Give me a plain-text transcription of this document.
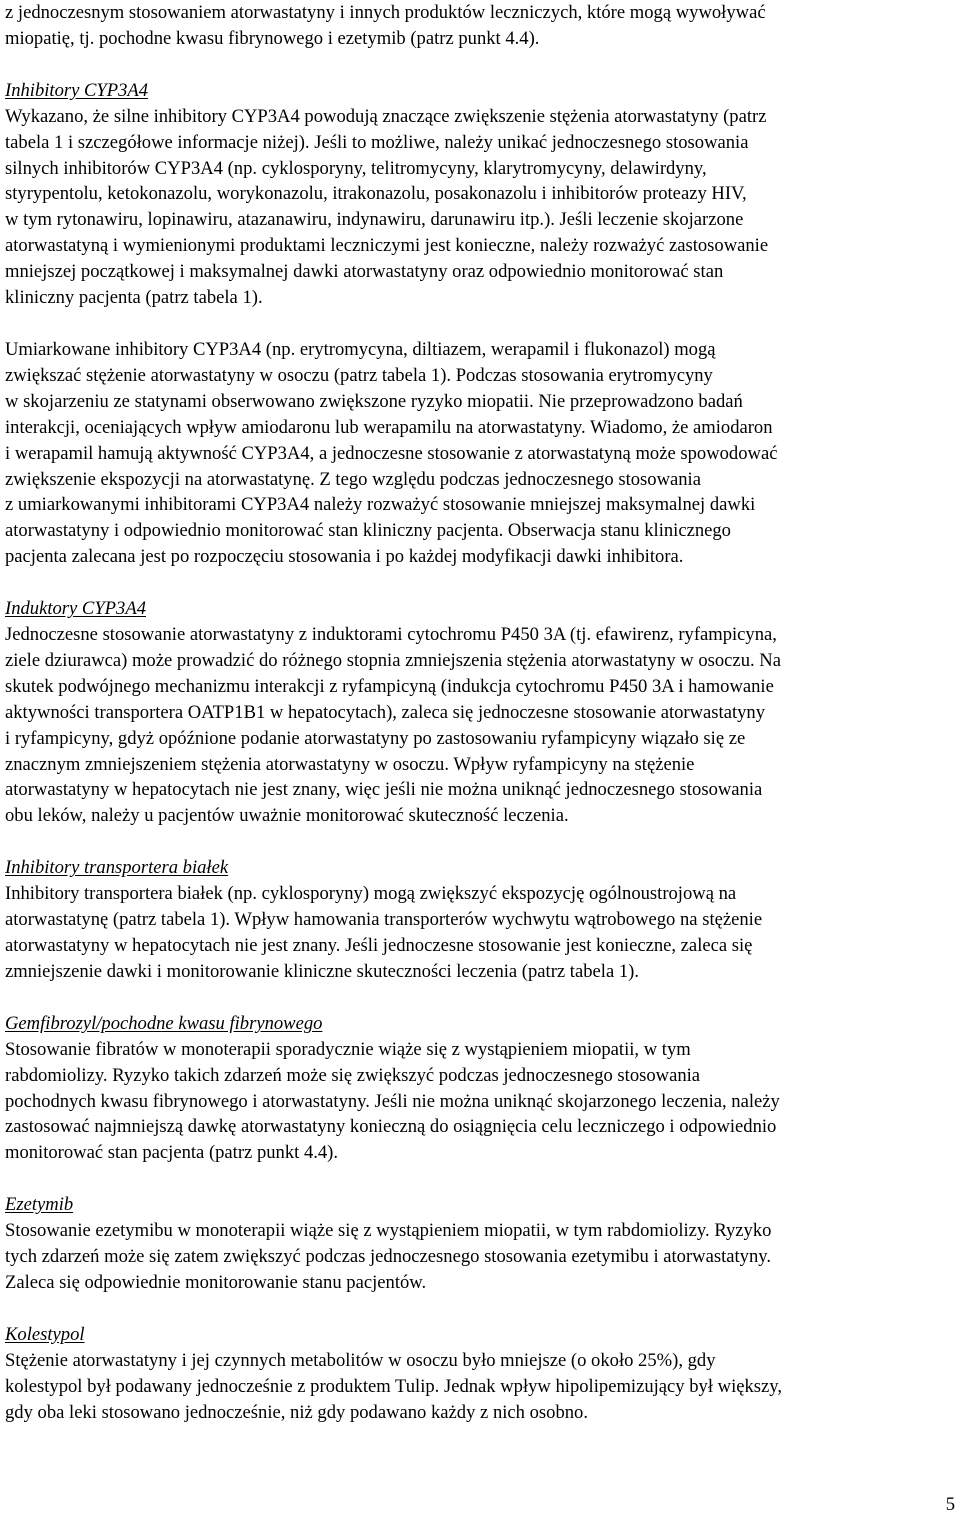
z jednoczesnym stosowaniem atorwastatyny i innych produktów leczniczych, które mogą wywoływać
miopatię, tj. pochodne kwasu fibrynowego i ezetymib (patrz punkt 4.4).

Inhibitory CYP3A4

Wykazano, że silne inhibitory CYP3A4 powodują znaczące zwiększenie stężenia atorwastatyny (patrz
tabela 1 i szczegółowe informacje niżej). Jeśli to możliwe, należy unikać jednoczesnego stosowania
silnych inhibitorów CYP3A4 (np. cyklosporyny, telitromycyny, klarytromycyny, delawirdyny,
styrypentolu, ketokonazolu, worykonazolu, itrakonazolu, posakonazolu i inhibitorów proteazy HIV,
w tym rytonawiru, lopinawiru, atazanawiru, indynawiru, darunawiru itp.). Jeśli leczenie skojarzone
atorwastatyną i wymienionymi produktami leczniczymi jest konieczne, należy rozważyć zastosowanie
mniejszej początkowej i maksymalnej dawki atorwastatyny oraz odpowiednio monitorować stan
kliniczny pacjenta (patrz tabela 1).

Umiarkowane inhibitory CYP3A4 (np. erytromycyna, diltiazem, werapamil i flukonazol) mogą
zwiększać stężenie atorwastatyny w osoczu (patrz tabela 1). Podczas stosowania erytromycyny
w skojarzeniu ze statynami obserwowano zwiększone ryzyko miopatii. Nie przeprowadzono badań
interakcji, oceniających wpływ amiodaronu lub werapamilu na atorwastatyny. Wiadomo, że amiodaron
i werapamil hamują aktywność CYP3A4, a jednoczesne stosowanie z atorwastatyną może spowodować
zwiększenie ekspozycji na atorwastatynę. Z tego względu podczas jednoczesnego stosowania
z umiarkowanymi inhibitorami CYP3A4 należy rozważyć stosowanie mniejszej maksymalnej dawki
atorwastatyny i odpowiednio monitorować stan kliniczny pacjenta. Obserwacja stanu klinicznego
pacjenta zalecana jest po rozpoczęciu stosowania i po każdej modyfikacji dawki inhibitora.

Induktory CYP3A4

Jednoczesne stosowanie atorwastatyny z induktorami cytochromu P450 3A (tj. efawirenz, ryfampicyna,
ziele dziurawca) może prowadzić do różnego stopnia zmniejszenia stężenia atorwastatyny w osoczu. Na
skutek podwójnego mechanizmu interakcji z ryfampicyną (indukcja cytochromu P450 3A i hamowanie
aktywności transportera OATP1B1 w hepatocytach), zaleca się jednoczesne stosowanie atorwastatyny
i ryfampicyny, gdyż opóźnione podanie atorwastatyny po zastosowaniu ryfampicyny wiązało się ze
znacznym zmniejszeniem stężenia atorwastatyny w osoczu. Wpływ ryfampicyny na stężenie
atorwastatyny w hepatocytach nie jest znany, więc jeśli nie można uniknąć jednoczesnego stosowania
obu leków, należy u pacjentów uważnie monitorować skuteczność leczenia.

Inhibitory transportera białek

Inhibitory transportera białek (np. cyklosporyny) mogą zwiększyć ekspozycję ogólnoustrojową na
atorwastatynę (patrz tabela 1). Wpływ hamowania transporterów wychwytu wątrobowego na stężenie
atorwastatyny w hepatocytach nie jest znany. Jeśli jednoczesne stosowanie jest konieczne, zaleca się
zmniejszenie dawki i monitorowanie kliniczne skuteczności leczenia (patrz tabela 1).

Gemfibrozyl/pochodne kwasu fibrynowego

Stosowanie fibratów w monoterapii sporadycznie wiąże się z wystąpieniem miopatii, w tym
rabdomiolizy. Ryzyko takich zdarzeń może się zwiększyć podczas jednoczesnego stosowania
pochodnych kwasu fibrynowego i atorwastatyny. Jeśli nie można uniknąć skojarzonego leczenia, należy
zastosować najmniejszą dawkę atorwastatyny konieczną do osiągnięcia celu leczniczego i odpowiednio
monitorować stan pacjenta (patrz punkt 4.4).

Ezetymib

Stosowanie ezetymibu w monoterapii wiąże się z wystąpieniem miopatii, w tym rabdomiolizy. Ryzyko
tych zdarzeń może się zatem zwiększyć podczas jednoczesnego stosowania ezetymibu i atorwastatyny.
Zaleca się odpowiednie monitorowanie stanu pacjentów.

Kolestypol

Stężenie atorwastatyny i jej czynnych metabolitów w osoczu było mniejsze (o około 25%), gdy
kolestypol był podawany jednocześnie z produktem Tulip. Jednak wpływ hipolipemizujący był większy,
gdy oba leki stosowano jednocześnie, niż gdy podawano każdy z nich osobno.

5
